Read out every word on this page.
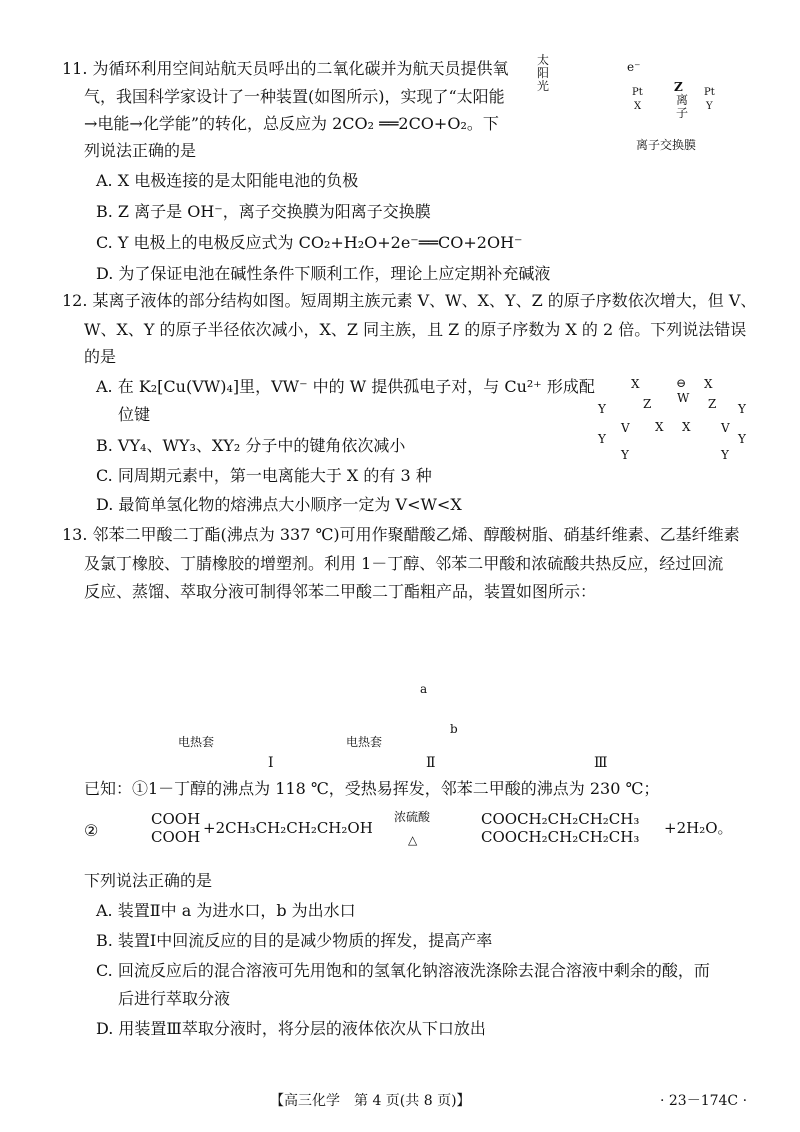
11. 为循环利用空间站航天员呼出的二氧化碳并为航天员提供氧
气，我国科学家设计了一种装置(如图所示)，实现了“太阳能
→电能→化学能”的转化，总反应为 2CO₂ ══2CO+O₂。下
列说法正确的是
A. X 电极连接的是太阳能电池的负极
B. Z 离子是 OH⁻，离子交换膜为阳离子交换膜
C. Y 电极上的电极反应式为 CO₂+H₂O+2e⁻══CO+2OH⁻
D. 为了保证电池在碱性条件下顺利工作，理论上应定期补充碱液
太阳光
e⁻
Pt
X
Pt
Y
Z
离子
离子交换膜
12. 某离子液体的部分结构如图。短周期主族元素 V、W、X、Y、Z 的原子序数依次增大，但 V、
W、X、Y 的原子半径依次减小，X、Z 同主族，且 Z 的原子序数为 X 的 2 倍。下列说法错误
的是
A. 在 K₂[Cu(VW)₄]里，VW⁻ 中的 W 提供孤电子对，与 Cu²⁺ 形成配
位键
B. VY₄、WY₃、XY₂ 分子中的键角依次减小
C. 同周期元素中，第一电离能大于 X 的有 3 种
D. 最简单氢化物的熔沸点大小顺序一定为 V<W<X
X	X
⊖
Z W Z
Y	Y
V	V
X X
Y	Y
Y	Y
13. 邻苯二甲酸二丁酯(沸点为 337 ℃)可用作聚醋酸乙烯、醇酸树脂、硝基纤维素、乙基纤维素
及氯丁橡胶、丁腈橡胶的增塑剂。利用 1－丁醇、邻苯二甲酸和浓硫酸共热反应，经过回流
反应、蒸馏、萃取分液可制得邻苯二甲酸二丁酯粗产品，装置如图所示：
电热套	电热套
Ⅰ	Ⅱ	Ⅲ
a
b
已知：①1－丁醇的沸点为 118 ℃，受热易挥发，邻苯二甲酸的沸点为 230 ℃；
②
COOH
COOH +2CH₃CH₂CH₂CH₂OH
浓硫酸
△
COOCH₂CH₂CH₂CH₃
COOCH₂CH₂CH₂CH₃ +2H₂O。
下列说法正确的是
A. 装置Ⅱ中 a 为进水口，b 为出水口
B. 装置Ⅰ中回流反应的目的是减少物质的挥发，提高产率
C. 回流反应后的混合溶液可先用饱和的氢氧化钠溶液洗涤除去混合溶液中剩余的酸，而
后进行萃取分液
D. 用装置Ⅲ萃取分液时，将分层的液体依次从下口放出
【高三化学　第 4 页(共 8 页)】	· 23－174C ·
